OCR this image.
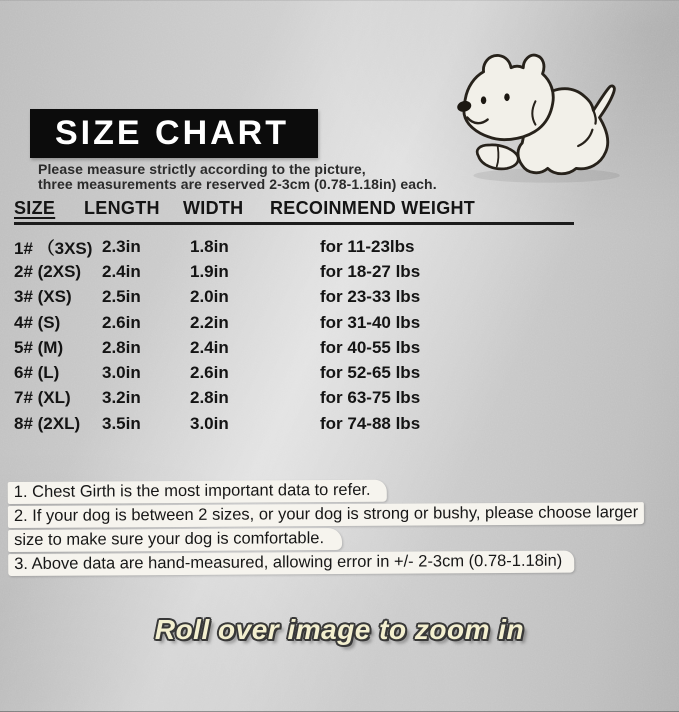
SIZE CHART
Please measure strictly according to the picture,
three measurements are reserved 2-3cm (0.78-1.18in) each.
SIZE	LENGTH	WIDTH	RECOINMEND WEIGHT
1# （3XS) 2.3in	1.8in	for 11-23lbs
2# (2XS)	2.4in	1.9in	for 18-27 lbs
3# (XS)	2.5in	2.0in	for 23-33 lbs
4# (S)	2.6in	2.2in	for 31-40 lbs
5# (M)	2.8in	2.4in	for 40-55 lbs
6# (L)	3.0in	2.6in	for 52-65 lbs
7# (XL)	3.2in	2.8in	for 63-75 lbs
8# (2XL)	3.5in	3.0in	for 74-88 lbs
1. Chest Girth is the most important data to refer.2. If your dog is between 2 sizes, or your dog is strong or bushy, please choose largersize to make sure your dog is comfortable.3. Above data are hand-measured, allowing error in +/- 2-3cm (0.78-1.18in)
Roll over image to zoom in
